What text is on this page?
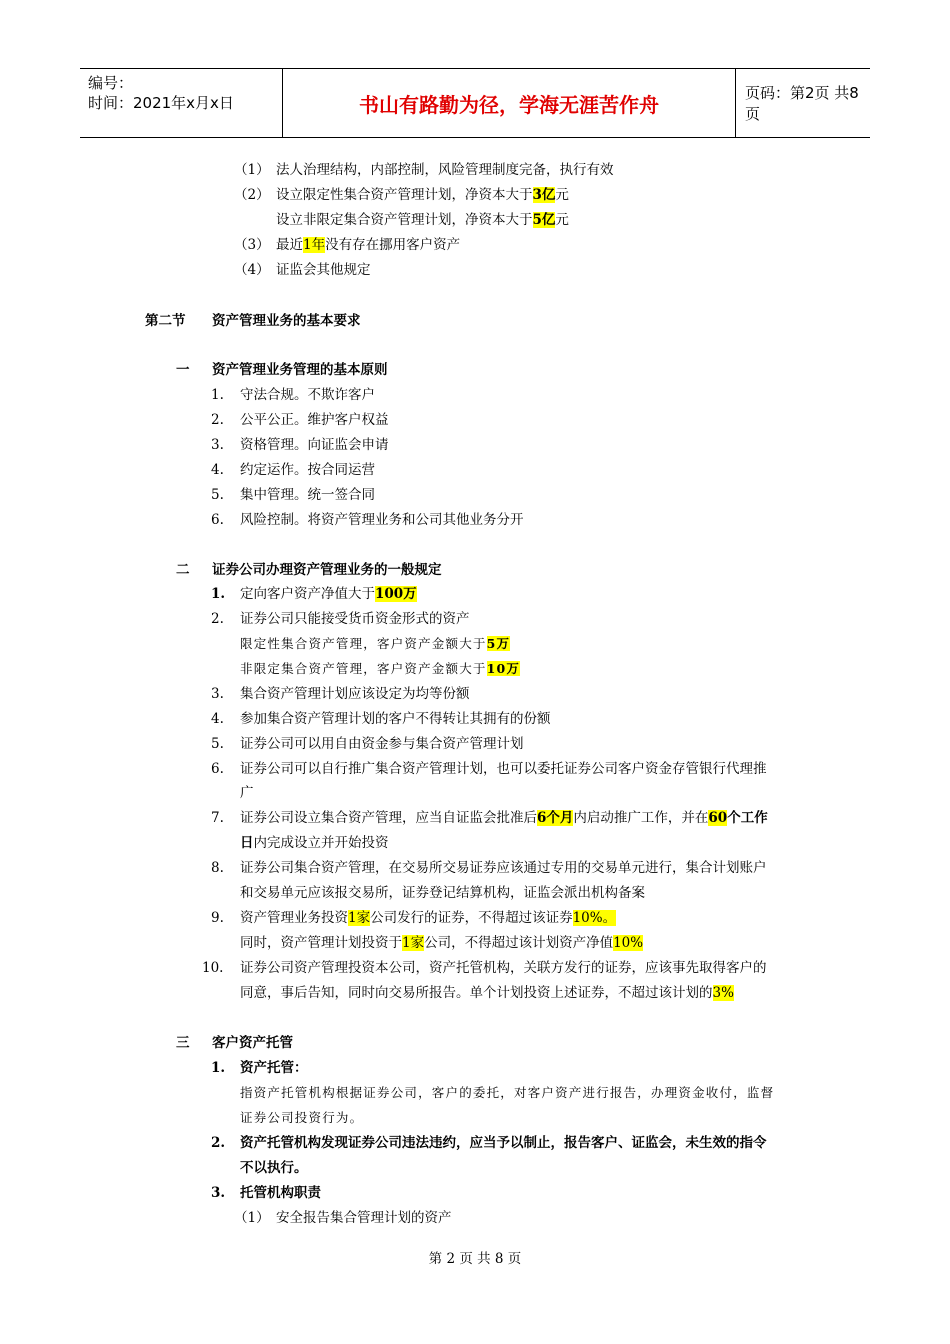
编号：
时间：2021年x月x日	书山有路勤为径，学海无涯苦作舟	页码：第2页 共8页
（1） 法人治理结构，内部控制，风险管理制度完备，执行有效
（2） 设立限定性集合资产管理计划，净资本大于3亿元
设立非限定集合资产管理计划，净资本大于5亿元
（3） 最近1年没有存在挪用客户资产
（4） 证监会其他规定
第二节 资产管理业务的基本要求
一 资产管理业务管理的基本原则
1. 守法合规。不欺诈客户
2. 公平公正。维护客户权益
3. 资格管理。向证监会申请
4. 约定运作。按合同运营
5. 集中管理。统一签合同
6. 风险控制。将资产管理业务和公司其他业务分开
二 证券公司办理资产管理业务的一般规定
1. 定向客户资产净值大于100万
2. 证券公司只能接受货币资金形式的资产
限定性集合资产管理，客户资产金额大于5万
非限定集合资产管理，客户资产金额大于10万
3. 集合资产管理计划应该设定为均等份额
4. 参加集合资产管理计划的客户不得转让其拥有的份额
5. 证券公司可以用自由资金参与集合资产管理计划
6. 证券公司可以自行推广集合资产管理计划，也可以委托证券公司客户资金存管银行代理推
广
7. 证券公司设立集合资产管理，应当自证监会批准后6个月内启动推广工作，并在60个工作
日内完成设立并开始投资
8. 证券公司集合资产管理，在交易所交易证券应该通过专用的交易单元进行，集合计划账户
和交易单元应该报交易所，证券登记结算机构，证监会派出机构备案
9. 资产管理业务投资1家公司发行的证券，不得超过该证券10%。
同时，资产管理计划投资于1家公司，不得超过该计划资产净值10%
10. 证券公司资产管理投资本公司，资产托管机构，关联方发行的证券，应该事先取得客户的
同意，事后告知，同时向交易所报告。单个计划投资上述证券，不超过该计划的3%
三 客户资产托管
1. 资产托管：
指资产托管机构根据证券公司，客户的委托，对客户资产进行报告，办理资金收付，监督
证券公司投资行为。
2. 资产托管机构发现证券公司违法违约，应当予以制止，报告客户、证监会，未生效的指令
不以执行。
3. 托管机构职责
（1） 安全报告集合管理计划的资产
第 2 页 共 8 页
